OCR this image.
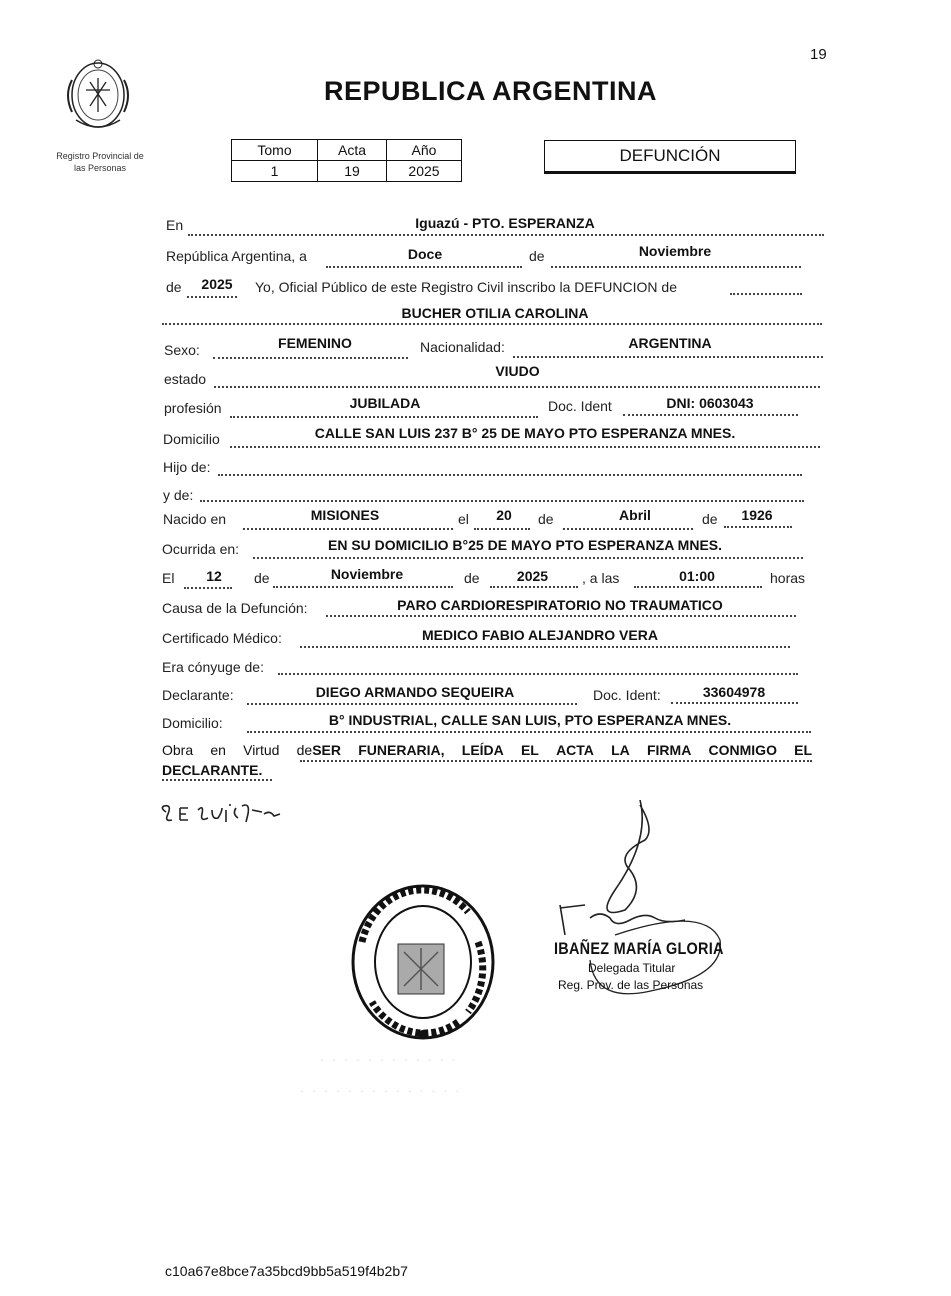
19
REPUBLICA ARGENTINA
Registro Provincial de
las Personas
Tomo	Acta	Año
1	19	2025
DEFUNCIÓN
En	Iguazú - PTO. ESPERANZA
República Argentina, a	Doce	de	Noviembre
de	2025	Yo, Oficial Público de este Registro Civil inscribo la DEFUNCION de
BUCHER OTILIA CAROLINA
Sexo:	FEMENINO	Nacionalidad:	ARGENTINA
estado	VIUDO
profesión	JUBILADA	Doc. Ident	DNI: 0603043
Domicilio	CALLE SAN LUIS 237 B° 25 DE MAYO PTO ESPERANZA MNES.
Hijo de:
y de:
Nacido en	MISIONES	el	20	de	Abril	de	1926
Ocurrida en:	EN SU DOMICILIO B°25 DE MAYO PTO ESPERANZA MNES.
El	12	de	Noviembre	de	2025	, a las	01:00	horas
Causa de la Defunción:	PARO CARDIORESPIRATORIO NO TRAUMATICO
Certificado Médico:	MEDICO FABIO ALEJANDRO VERA
Era cónyuge de:
Declarante:	DIEGO ARMANDO SEQUEIRA	Doc. Ident:	33604978
Domicilio:	B° INDUSTRIAL, CALLE SAN LUIS, PTO ESPERANZA MNES.
Obra en Virtud deSER FUNERARIA, LEÍDA EL ACTA LA FIRMA CONMIGO EL
DECLARANTE.
IBAÑEZ MARÍA GLORIA
Delegada Titular
Reg. Prov. de las Personas
· · · · · · · · · · · ·
· · · · · · · · · · · · · ·
c10a67e8bce7a35bcd9bb5a519f4b2b7
